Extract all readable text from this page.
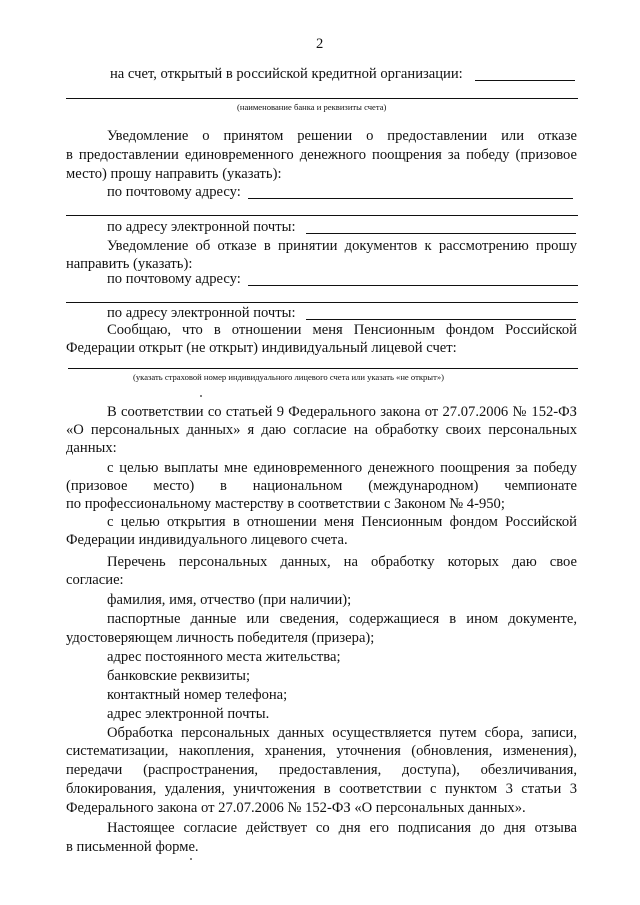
2
на счет, открытый в российской кредитной организации:
(наименование банка и реквизиты счета)
Уведомление о принятом решении о предоставлении или отказе
в предоставлении единовременного денежного поощрения за победу (призовое
место) прошу направить (указать):
по почтовому адресу:
по адресу электронной почты:
Уведомление об отказе в принятии документов к рассмотрению прошу
направить (указать):
по почтовому адресу:
по адресу электронной почты:
Сообщаю, что в отношении меня Пенсионным фондом Российской
Федерации открыт (не открыт) индивидуальный лицевой счет:
(указать страховой номер индивидуального лицевого счета или указать «не открыт»)
В соответствии со статьей 9 Федерального закона от 27.07.2006 № 152-ФЗ
«О персональных данных» я даю согласие на обработку своих персональных
данных:
с целью выплаты мне единовременного денежного поощрения за победу
(призовое место) в национальном (международном) чемпионате
по профессиональному мастерству в соответствии с Законом № 4-950;
с целью открытия в отношении меня Пенсионным фондом Российской
Федерации индивидуального лицевого счета.
Перечень персональных данных, на обработку которых даю свое
согласие:
фамилия, имя, отчество (при наличии);
паспортные данные или сведения, содержащиеся в ином документе,
удостоверяющем личность победителя (призера);
адрес постоянного места жительства;
банковские реквизиты;
контактный номер телефона;
адрес электронной почты.
Обработка персональных данных осуществляется путем сбора, записи,
систематизации, накопления, хранения, уточнения (обновления, изменения),
передачи (распространения, предоставления, доступа), обезличивания,
блокирования, удаления, уничтожения в соответствии с пунктом 3 статьи 3
Федерального закона от 27.07.2006 № 152-ФЗ «О персональных данных».
Настоящее согласие действует со дня его подписания до дня отзыва
в письменной форме.
